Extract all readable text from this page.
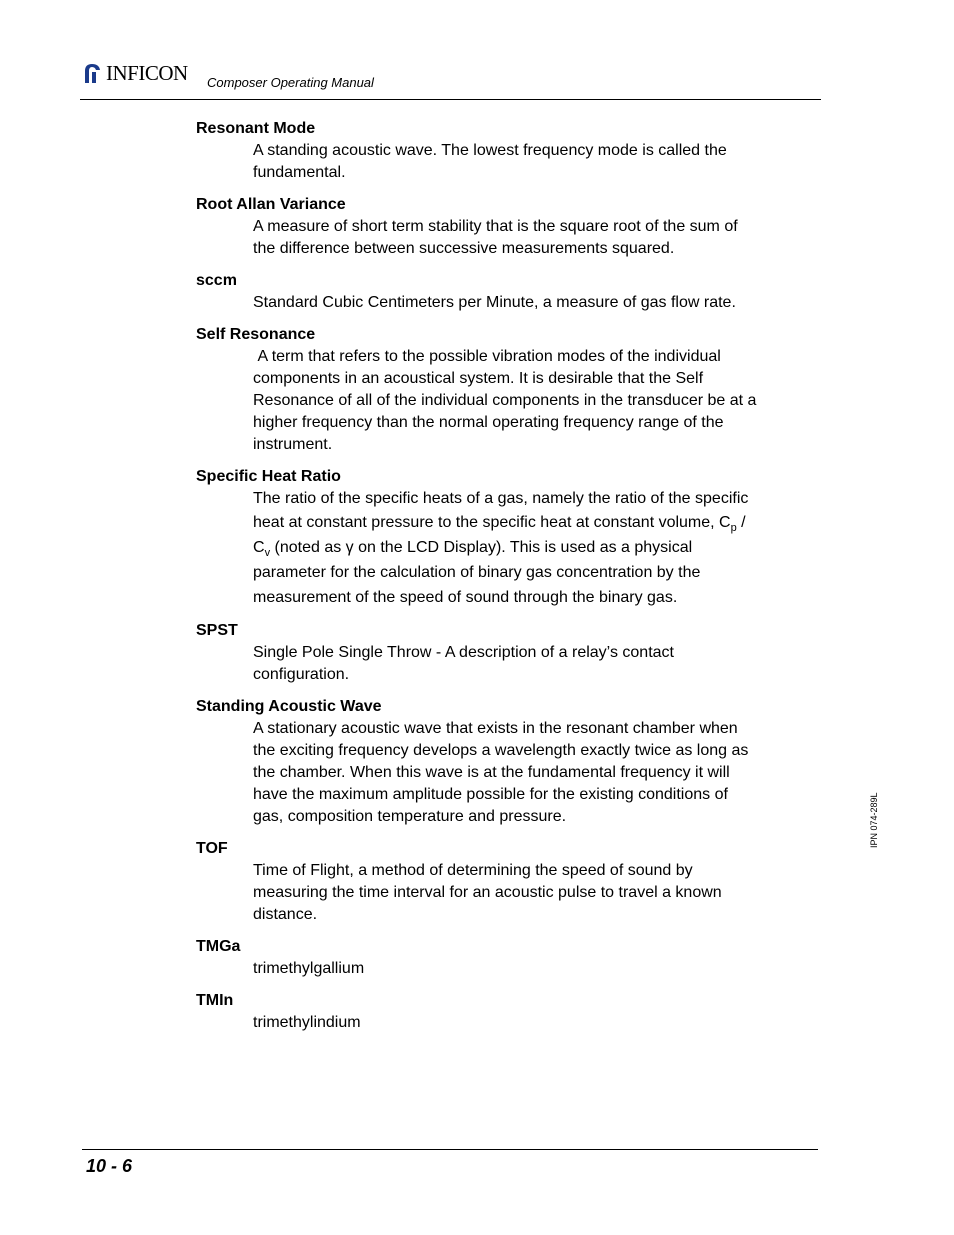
INFICON Composer Operating Manual
Resonant Mode
A standing acoustic wave. The lowest frequency mode is called the
fundamental.
Root Allan Variance
A measure of short term stability that is the square root of the sum of
the difference between successive measurements squared.
sccm
Standard Cubic Centimeters per Minute, a measure of gas flow rate.
Self Resonance
A term that refers to the possible vibration modes of the individual
components in an acoustical system. It is desirable that the Self
Resonance of all of the individual components in the transducer be at a
higher frequency than the normal operating frequency range of the
instrument.
Specific Heat Ratio
The ratio of the specific heats of a gas, namely the ratio of the specific
heat at constant pressure to the specific heat at constant volume, $C_p$ /
$C_v$ (noted as γ on the LCD Display). This is used as a physical
parameter for the calculation of binary gas concentration by the
measurement of the speed of sound through the binary gas.
SPST
Single Pole Single Throw - A description of a relay’s contact
configuration.
Standing Acoustic Wave
A stationary acoustic wave that exists in the resonant chamber when
the exciting frequency develops a wavelength exactly twice as long as
the chamber. When this wave is at the fundamental frequency it will
have the maximum amplitude possible for the existing conditions of
gas, composition temperature and pressure.
TOF
Time of Flight, a method of determining the speed of sound by
measuring the time interval for an acoustic pulse to travel a known
distance.
TMGa
trimethylgallium
TMIn
trimethylindium
IPN 074-289L
10 - 6
